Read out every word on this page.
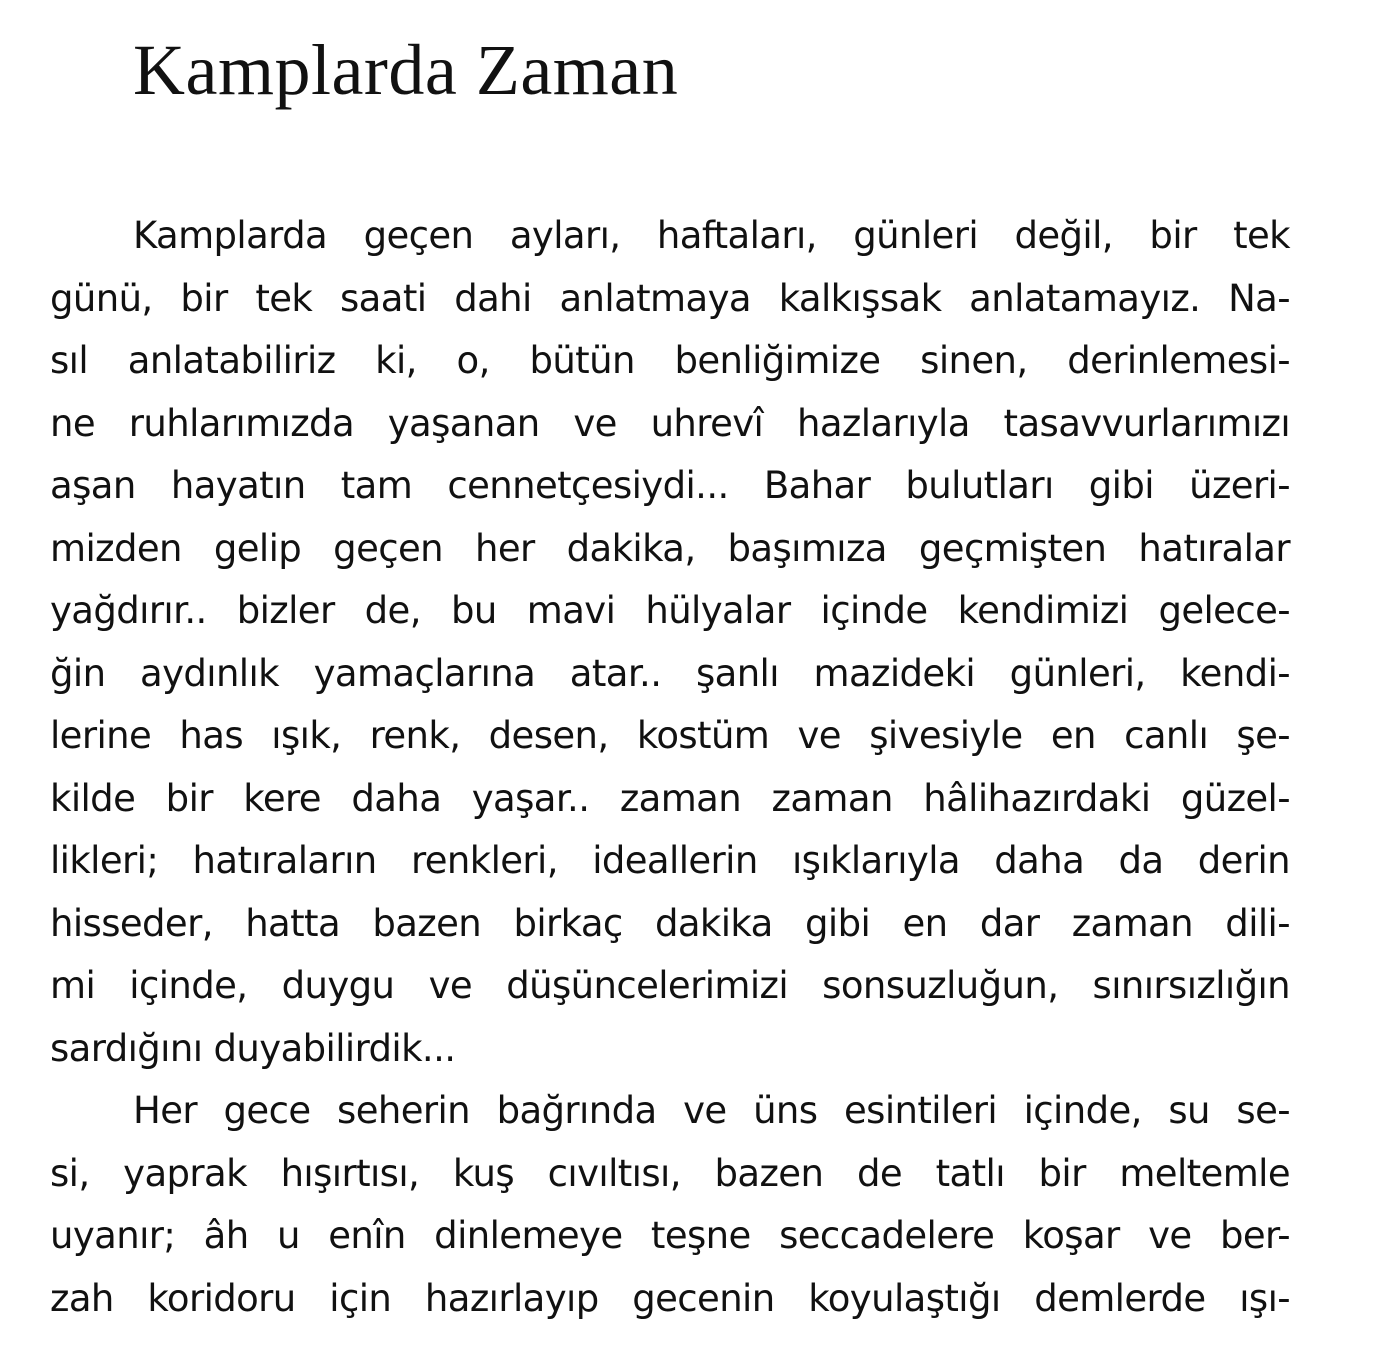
Kamplarda Zaman
Kamplarda geçen ayları, haftaları, günleri değil, bir tek
günü, bir tek saati dahi anlatmaya kalkışsak anlatamayız. Na-
sıl anlatabiliriz ki, o, bütün benliğimize sinen, derinlemesi-
ne ruhlarımızda yaşanan ve uhrevî hazlarıyla tasavvurlarımızı
aşan hayatın tam cennetçesiydi... Bahar bulutları gibi üzeri-
mizden gelip geçen her dakika, başımıza geçmişten hatıralar
yağdırır.. bizler de, bu mavi hülyalar içinde kendimizi gelece-
ğin aydınlık yamaçlarına atar.. şanlı mazideki günleri, kendi-
lerine has ışık, renk, desen, kostüm ve şivesiyle en canlı şe-
kilde bir kere daha yaşar.. zaman zaman hâlihazırdaki güzel-
likleri; hatıraların renkleri, ideallerin ışıklarıyla daha da derin
hisseder, hatta bazen birkaç dakika gibi en dar zaman dili-
mi içinde, duygu ve düşüncelerimizi sonsuzluğun, sınırsızlığın
sardığını duyabilirdik...
Her gece seherin bağrında ve üns esintileri içinde, su se-
si, yaprak hışırtısı, kuş cıvıltısı, bazen de tatlı bir meltemle
uyanır; âh u enîn dinlemeye teşne seccadelere koşar ve ber-
zah koridoru için hazırlayıp gecenin koyulaştığı demlerde ışı-
